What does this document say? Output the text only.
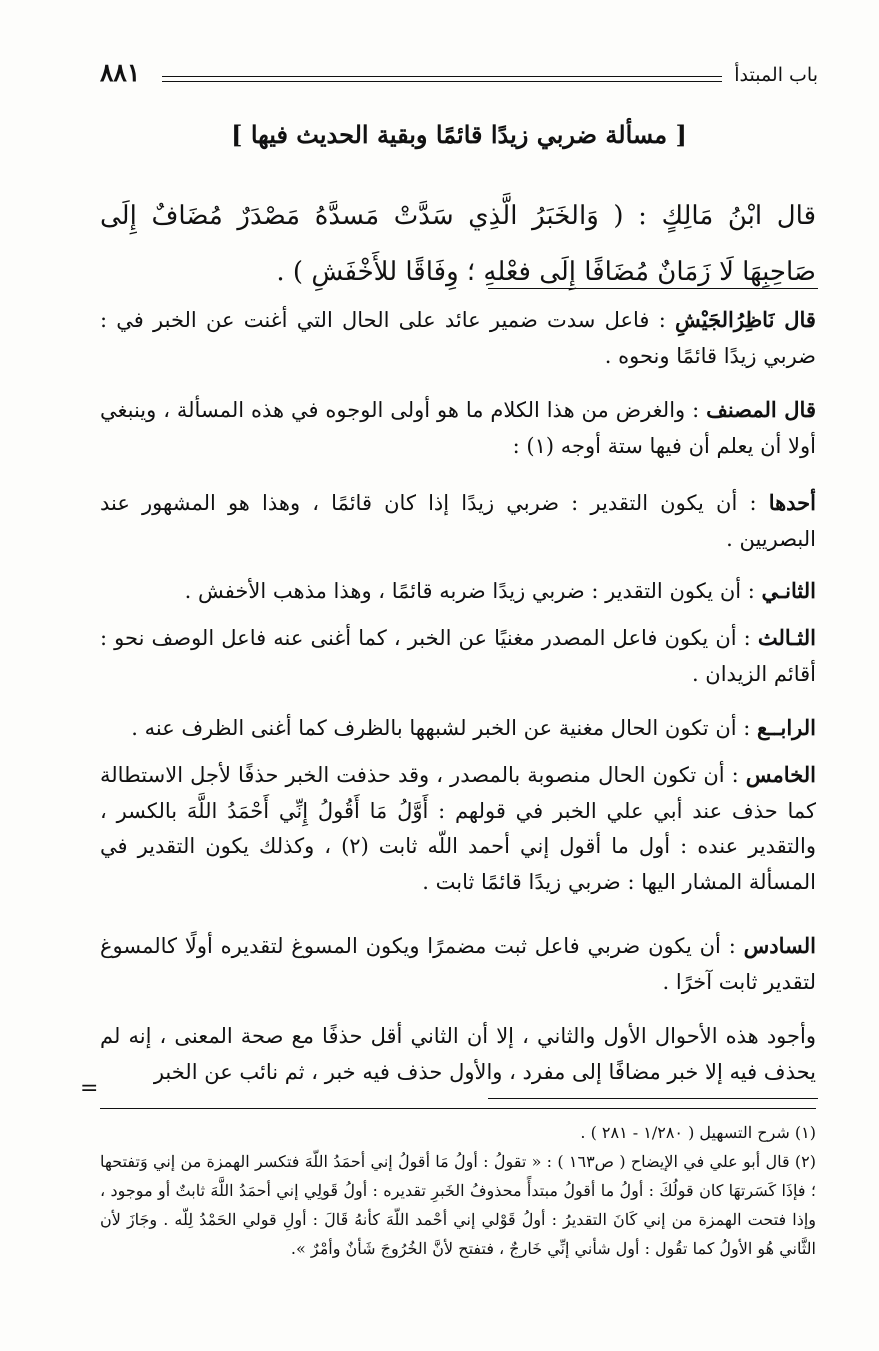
٨٨١	باب المبتدأ
[ مسألة ضربي زيدًا قائمًا وبقية الحديث فيها ]
قال ابْنُ مَالِكٍ : ( وَالخَبَرُ الَّذِي سَدَّتْ مَسدَّهُ مَصْدَرٌ مُضَافٌ إِلَى صَاحِبِهَا لَا زَمَانٌ مُضَافًا إِلَى فعْلهِ ؛ وِفَاقًا للأَخْفَشِ ) .
قال نَاظِرُالجَيْشِ : فاعل سدت ضمير عائد على الحال التي أغنت عن الخبر في : ضربي زيدًا قائمًا ونحوه .
قال المصنف : والغرض من هذا الكلام ما هو أولى الوجوه في هذه المسألة ، وينبغي أولا أن يعلم أن فيها ستة أوجه (١) :
أحدها : أن يكون التقدير : ضربي زيدًا إذا كان قائمًا ، وهذا هو المشهور عند البصريين .
الثانـي : أن يكون التقدير : ضربي زيدًا ضربه قائمًا ، وهذا مذهب الأخفش .
الثـالث : أن يكون فاعل المصدر مغنيًا عن الخبر ، كما أغنى عنه فاعل الوصف نحو : أقائم الزيدان .
الرابــع : أن تكون الحال مغنية عن الخبر لشبهها بالظرف كما أغنى الظرف عنه .
الخامس : أن تكون الحال منصوبة بالمصدر ، وقد حذفت الخبر حذفًا لأجل الاستطالة كما حذف عند أبي علي الخبر في قولهم : أَوَّلُ مَا أَقُولُ إِنِّي أَحْمَدُ اللَّهَ بالكسر ، والتقدير عنده : أول ما أقول إني أحمد اللّه ثابت (٢) ، وكذلك يكون التقدير في المسألة المشار اليها : ضربي زيدًا قائمًا ثابت .
السادس : أن يكون ضربي فاعل ثبت مضمرًا ويكون المسوغ لتقديره أولًا كالمسوغ لتقدير ثابت آخرًا .
وأجود هذه الأحوال الأول والثاني ، إلا أن الثاني أقل حذفًا مع صحة المعنى ، إنه لم يحذف فيه إلا خبر مضافًا إلى مفرد ، والأول حذف فيه خبر ، ثم نائب عن الخبر
=

(١) شرح التسهيل ( ١/٢٨٠ - ٢٨١ ) .

(٢) قال أبو علي في الإيضاح ( ص١٦٣ ) : « تقولُ : أولُ مَا أقولُ إني أحمَدُ اللّهَ فتكسر الهمزة من إني وَتفتحها ؛ فإذَا كَسَرتهَا كان قولُكَ : أولُ ما أقولُ مبتدأً محذوفُ الخَبرِ تقديره : أولُ قَولِي إني أحمَدُ اللَّهَ ثابتٌ أو موجود ، وإذا فتحت الهمزة من إني كَانَ التقديرُ : أولُ قَوْلي إني أحْمد اللّهَ كأنهُ قَالَ : أولِ قولي الحَمْدُ لِلّه . وجَازَ لأن الثَّاني هُو الأولُ كما تقُول : أول شأني إنِّي خَارجٌ ، فتفتح لأنَّ الخُرُوجَ شَأنٌ وأمْرٌ ».
